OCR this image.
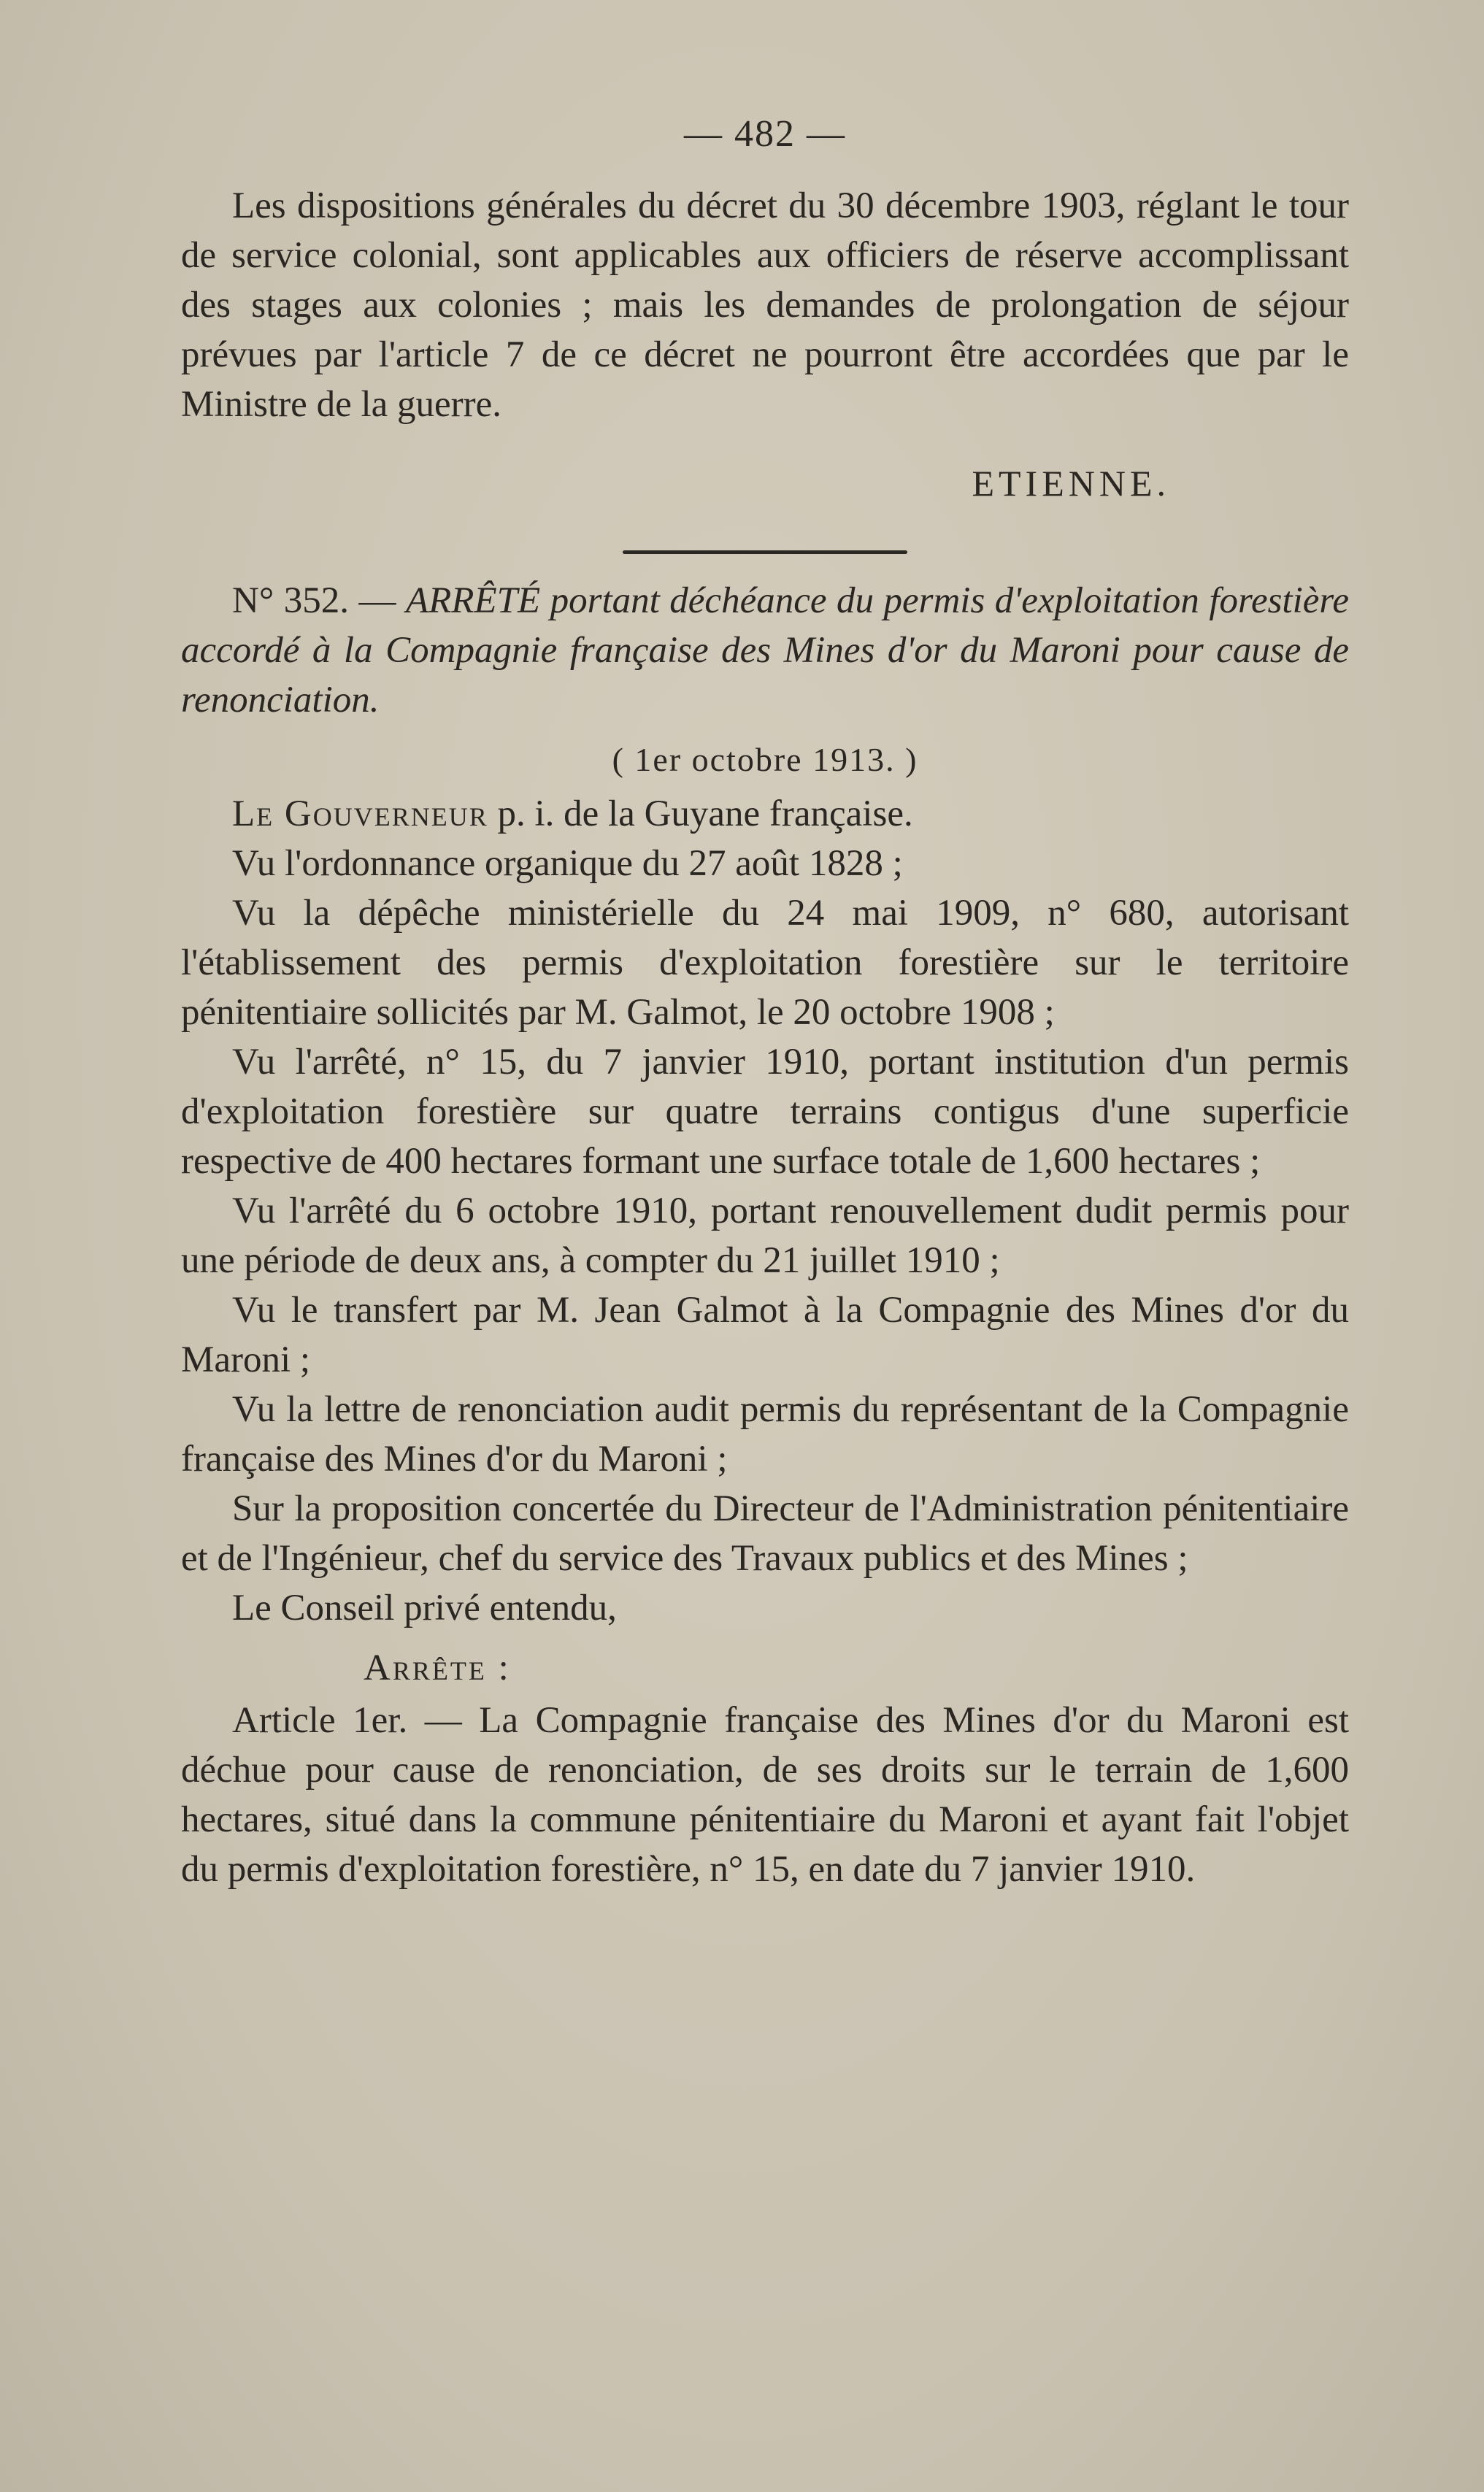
— 482 —

Les dispositions générales du décret du 30 décembre 1903, réglant le tour de service colonial, sont applicables aux officiers de réserve accomplissant des stages aux colonies ; mais les demandes de prolongation de séjour prévues par l'article 7 de ce décret ne pourront être accordées que par le Ministre de la guerre.

ETIENNE.

N° 352. — ARRÊTÉ portant déchéance du permis d'exploitation forestière accordé à la Compagnie française des Mines d'or du Maroni pour cause de renonciation.

( 1er octobre 1913. )

Le Gouverneur p. i. de la Guyane française.

Vu l'ordonnance organique du 27 août 1828 ;

Vu la dépêche ministérielle du 24 mai 1909, n° 680, autorisant l'établissement des permis d'exploitation forestière sur le territoire pénitentiaire sollicités par M. Galmot, le 20 octobre 1908 ;

Vu l'arrêté, n° 15, du 7 janvier 1910, portant institution d'un permis d'exploitation forestière sur quatre terrains contigus d'une superficie respective de 400 hectares formant une surface totale de 1,600 hectares ;

Vu l'arrêté du 6 octobre 1910, portant renouvellement dudit permis pour une période de deux ans, à compter du 21 juillet 1910 ;

Vu le transfert par M. Jean Galmot à la Compagnie des Mines d'or du Maroni ;

Vu la lettre de renonciation audit permis du représentant de la Compagnie française des Mines d'or du Maroni ;

Sur la proposition concertée du Directeur de l'Administration pénitentiaire et de l'Ingénieur, chef du service des Travaux publics et des Mines ;

Le Conseil privé entendu,

Arrête :

Article 1er. — La Compagnie française des Mines d'or du Maroni est déchue pour cause de renonciation, de ses droits sur le terrain de 1,600 hectares, situé dans la commune pénitentiaire du Maroni et ayant fait l'objet du permis d'exploitation forestière, n° 15, en date du 7 janvier 1910.
